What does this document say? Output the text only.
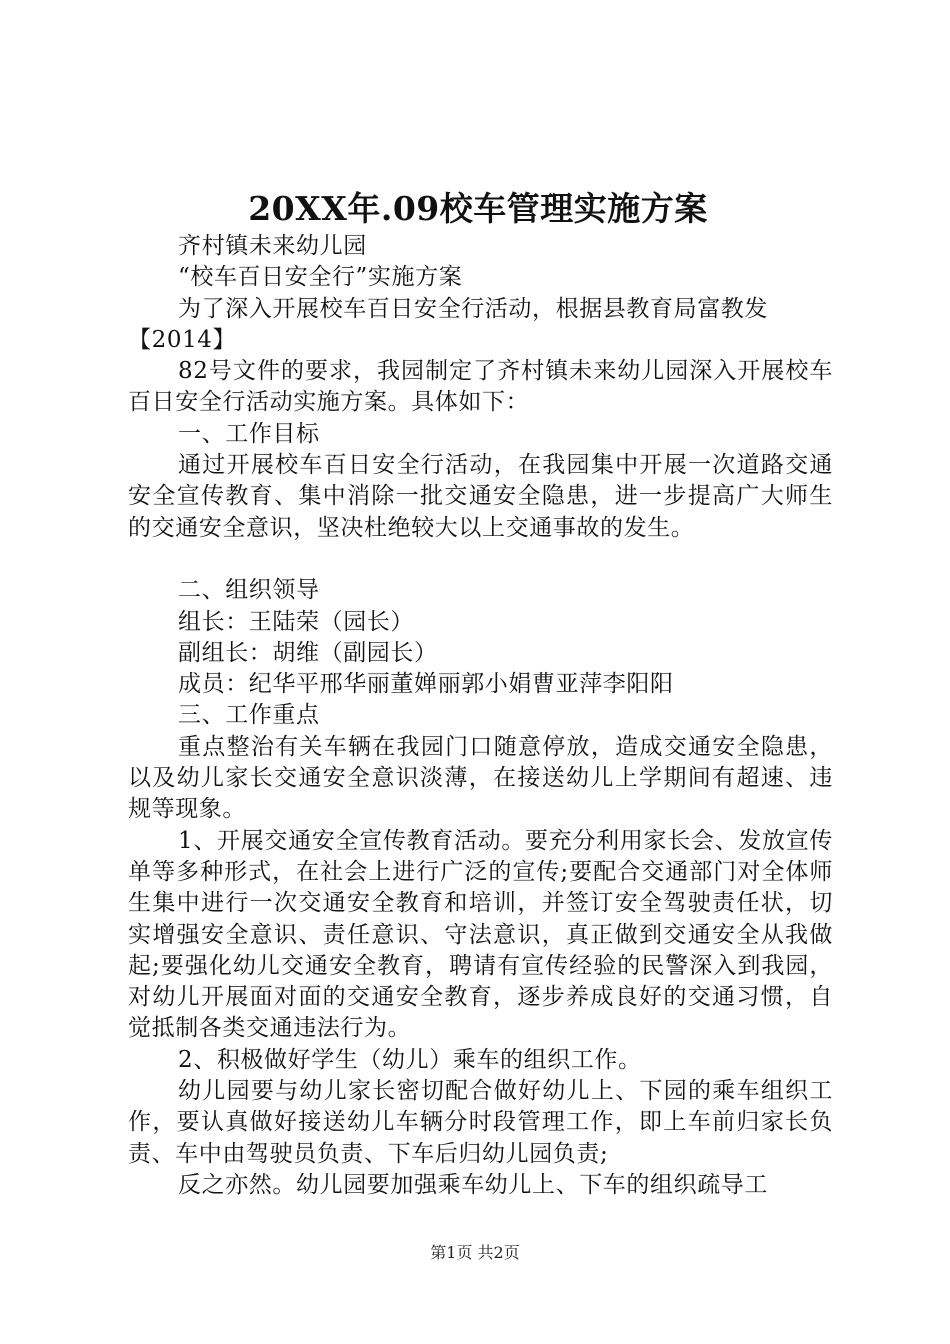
20XX年.09校车管理实施方案

齐村镇未来幼儿园

“校车百日安全行”实施方案

为了深入开展校车百日安全行活动，根据县教育局富教发

【2014】

82号文件的要求，我园制定了齐村镇未来幼儿园深入开展校车百日安全行活动实施方案。具体如下：

一、工作目标

通过开展校车百日安全行活动，在我园集中开展一次道路交通安全宣传教育、集中消除一批交通安全隐患，进一步提高广大师生的交通安全意识，坚决杜绝较大以上交通事故的发生。

二、组织领导

组长：王陆荣（园长）

副组长：胡维（副园长）

成员：纪华平邢华丽董婵丽郭小娟曹亚萍李阳阳

三、工作重点

重点整治有关车辆在我园门口随意停放，造成交通安全隐患，以及幼儿家长交通安全意识淡薄，在接送幼儿上学期间有超速、违规等现象。

1、开展交通安全宣传教育活动。要充分利用家长会、发放宣传单等多种形式，在社会上进行广泛的宣传;要配合交通部门对全体师生集中进行一次交通安全教育和培训，并签订安全驾驶责任状，切实增强安全意识、责任意识、守法意识，真正做到交通安全从我做起;要强化幼儿交通安全教育，聘请有宣传经验的民警深入到我园，对幼儿开展面对面的交通安全教育，逐步养成良好的交通习惯，自觉抵制各类交通违法行为。

2、积极做好学生（幼儿）乘车的组织工作。

幼儿园要与幼儿家长密切配合做好幼儿上、下园的乘车组织工作，要认真做好接送幼儿车辆分时段管理工作，即上车前归家长负责、车中由驾驶员负责、下车后归幼儿园负责;

反之亦然。幼儿园要加强乘车幼儿上、下车的组织疏导工

第1页 共2页
